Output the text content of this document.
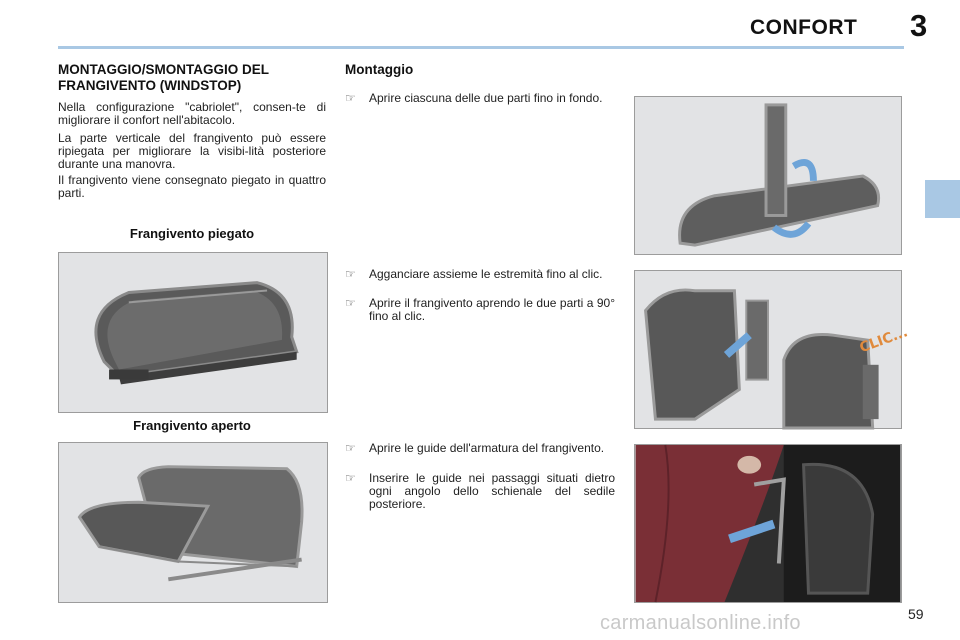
CONFORT 3
MONTAGGIO/SMONTAGGIO DEL FRANGIVENTO (WINDSTOP)
Nella configurazione "cabriolet", consen-te di migliorare il confort nell'abitacolo.
La parte verticale del frangivento può essere ripiegata per migliorare la visibi-lità posteriore durante una manovra.
Il frangivento viene consegnato piegato in quattro parti.
Frangivento piegato
Frangivento aperto
Montaggio
☞ Aprire ciascuna delle due parti fino in fondo.
☞ Agganciare assieme le estremità fino al clic.
☞ Aprire il frangivento aprendo le due parti a 90° fino al clic.
☞ Aprire le guide dell'armatura del frangivento.
☞ Inserire le guide nei passaggi situati dietro ogni angolo dello schienale del sedile posteriore.
CLIC...
59
carmanualsonline.info
